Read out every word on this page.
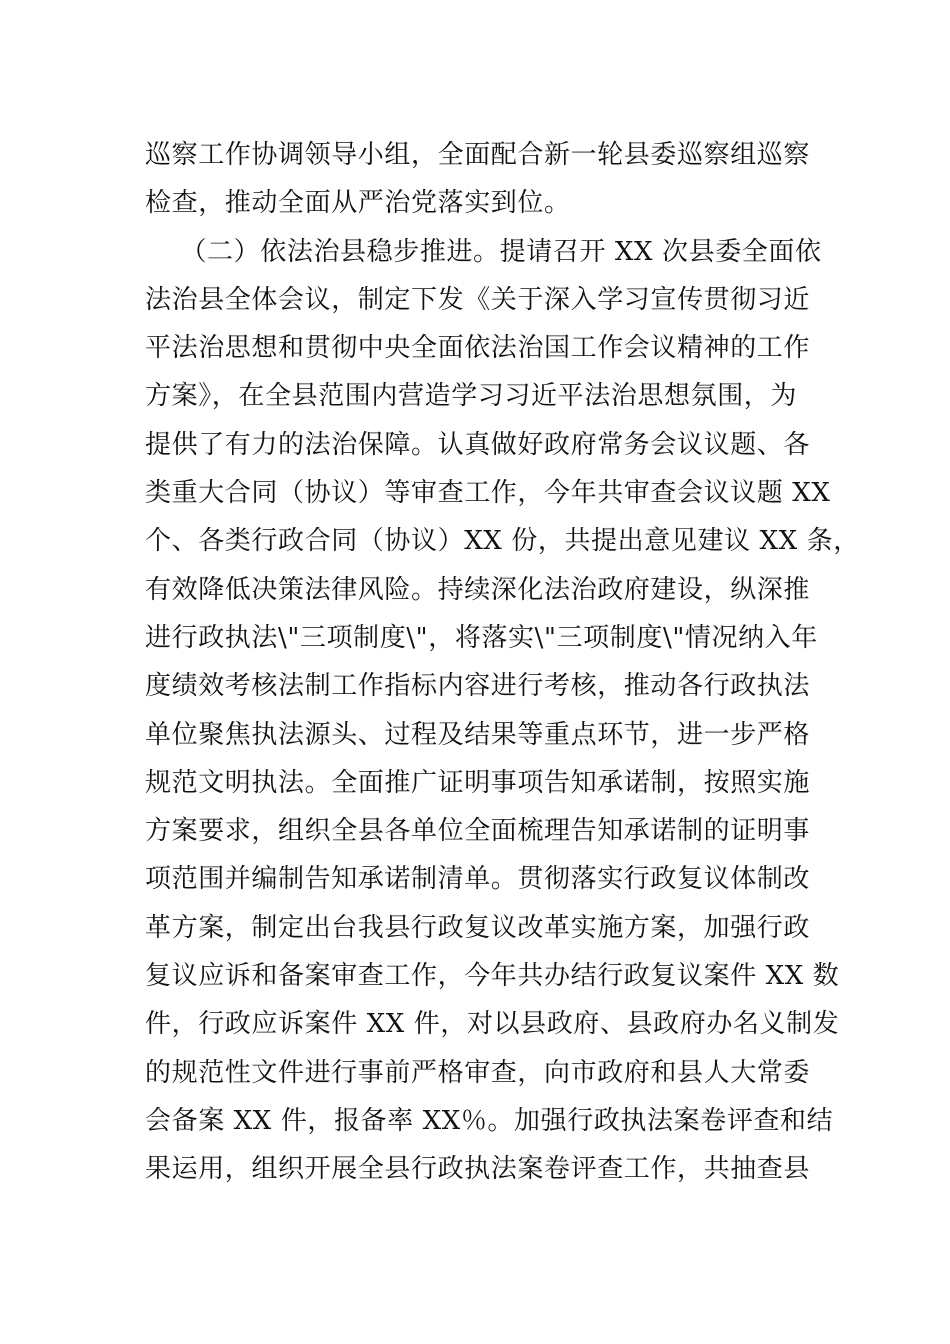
巡察工作协调领导小组，全面配合新一轮县委巡察组巡察
检查，推动全面从严治党落实到位。
（二）依法治县稳步推进。提请召开 XX 次县委全面依
法治县全体会议，制定下发《关于深入学习宣传贯彻习近
平法治思想和贯彻中央全面依法治国工作会议精神的工作
方案》，在全县范围内营造学习习近平法治思想氛围，为
提供了有力的法治保障。认真做好政府常务会议议题、各
类重大合同（协议）等审查工作，今年共审查会议议题 XX
个、各类行政合同（协议）XX 份，共提出意见建议 XX 条，
有效降低决策法律风险。持续深化法治政府建设，纵深推
进行政执法\"三项制度\"，将落实\"三项制度\"情况纳入年
度绩效考核法制工作指标内容进行考核，推动各行政执法
单位聚焦执法源头、过程及结果等重点环节，进一步严格
规范文明执法。全面推广证明事项告知承诺制，按照实施
方案要求，组织全县各单位全面梳理告知承诺制的证明事
项范围并编制告知承诺制清单。贯彻落实行政复议体制改
革方案，制定出台我县行政复议改革实施方案，加强行政
复议应诉和备案审查工作，今年共办结行政复议案件 XX 数
件，行政应诉案件 XX 件，对以县政府、县政府办名义制发
的规范性文件进行事前严格审查，向市政府和县人大常委
会备案 XX 件，报备率 XX％。加强行政执法案卷评查和结
果运用，组织开展全县行政执法案卷评查工作，共抽查县
